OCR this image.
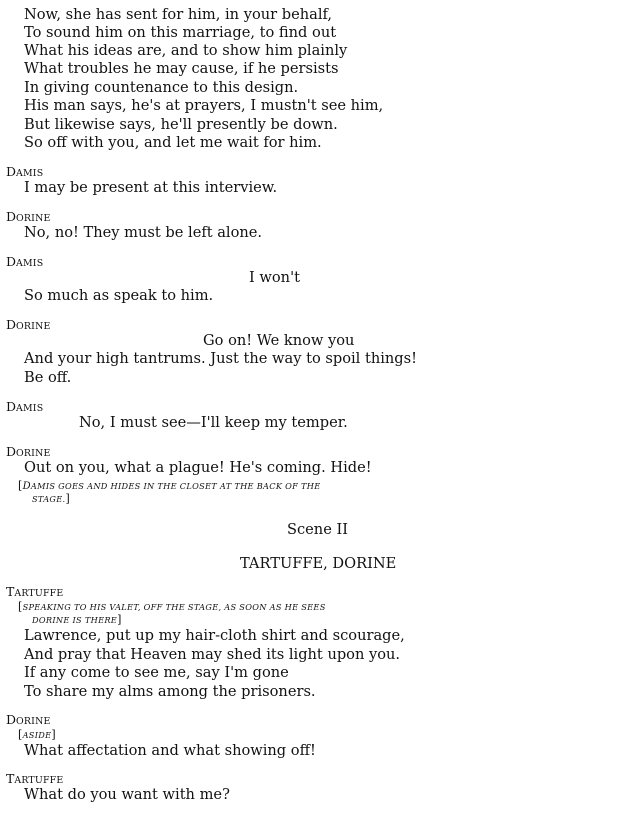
Now, she has sent for him, in your behalf,
To sound him on this marriage, to find out
What his ideas are, and to show him plainly
What troubles he may cause, if he persists
In giving countenance to this design.
His man says, he's at prayers, I mustn't see him,
But likewise says, he'll presently be down.
So off with you, and let me wait for him.
DAMIS
I may be present at this interview.
DORINE
No, no! They must be left alone.
DAMIS
I won't
So much as speak to him.
DORINE
Go on! We know you
And your high tantrums. Just the way to spoil things!
Be off.
DAMIS
No, I must see—I'll keep my temper.
DORINE
Out on you, what a plague! He's coming. Hide!
[DAMIS GOES AND HIDES IN THE CLOSET AT THE BACK OF THE
STAGE.]
Scene II
TARTUFFE, DORINE
TARTUFFE
[SPEAKING TO HIS VALET, OFF THE STAGE, AS SOON AS HE SEES
DORINE IS THERE]
Lawrence, put up my hair-cloth shirt and scourage,
And pray that Heaven may shed its light upon you.
If any come to see me, say I'm gone
To share my alms among the prisoners.
DORINE
[ASIDE]
What affectation and what showing off!
TARTUFFE
What do you want with me?
